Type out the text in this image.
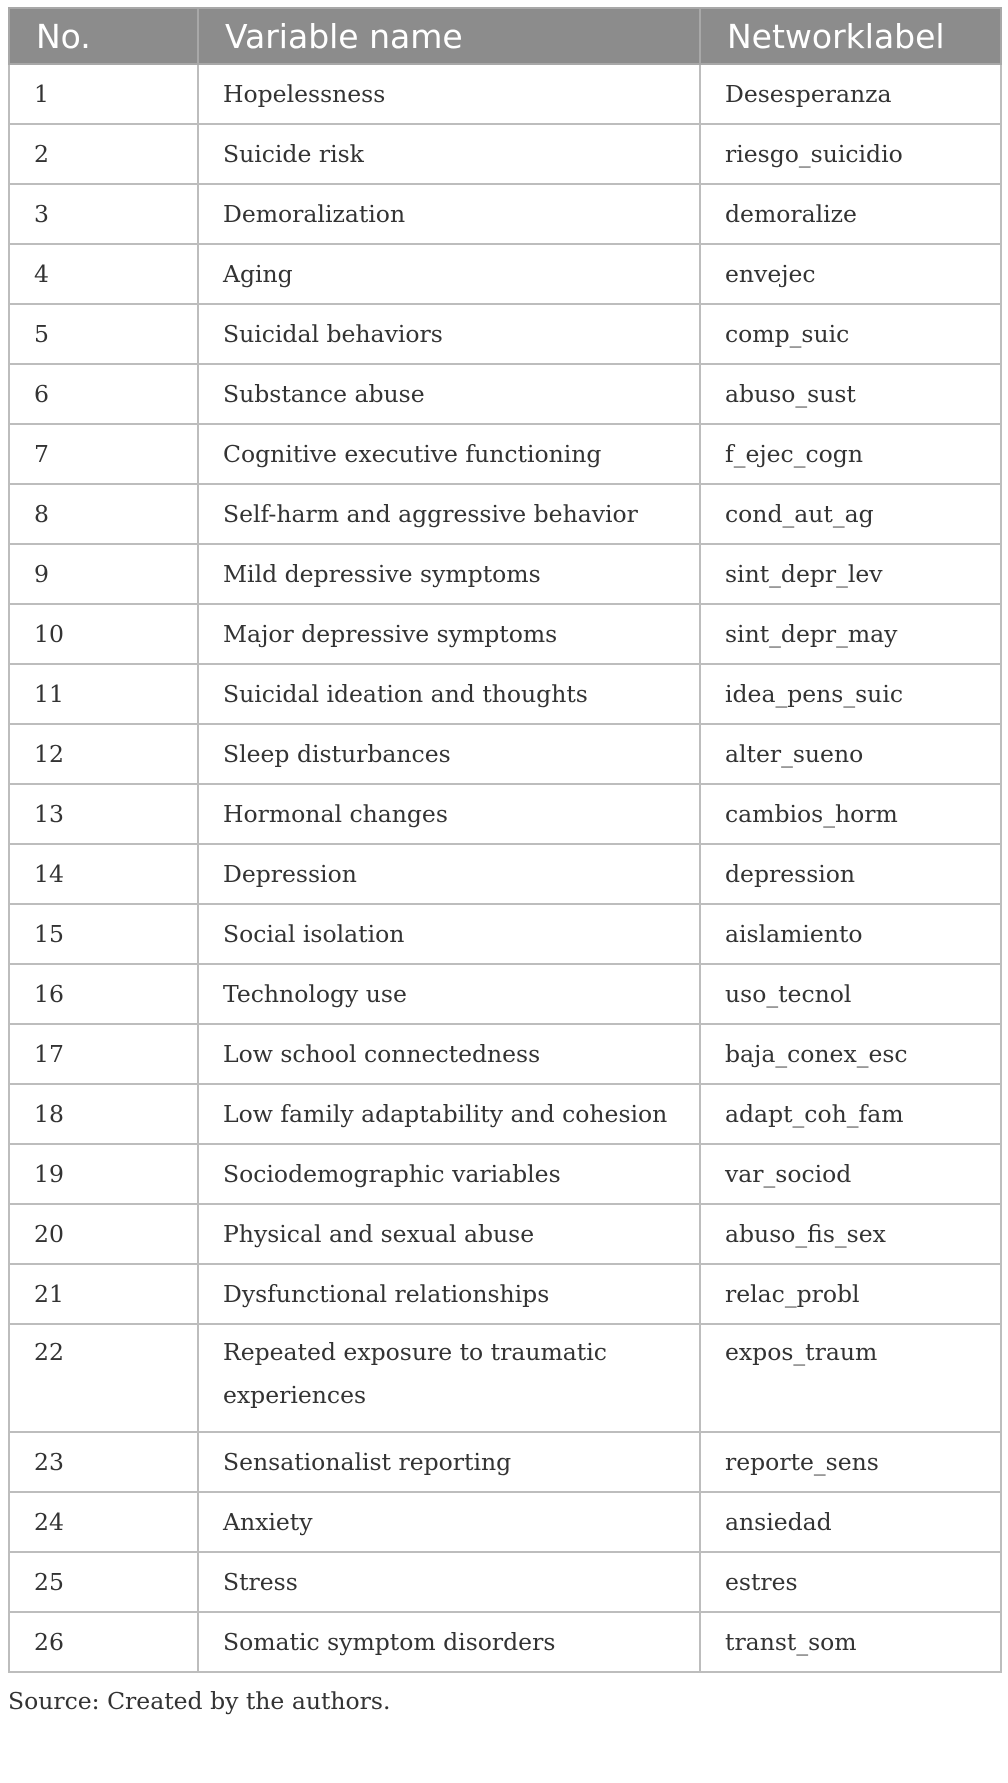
No.	Variable name	Networklabel
1	Hopelessness	Desesperanza
2	Suicide risk	riesgo_suicidio
3	Demoralization	demoralize
4	Aging	envejec
5	Suicidal behaviors	comp_suic
6	Substance abuse	abuso_sust
7	Cognitive executive functioning	f_ejec_cogn
8	Self-harm and aggressive behavior	cond_aut_ag
9	Mild depressive symptoms	sint_depr_lev
10	Major depressive symptoms	sint_depr_may
11	Suicidal ideation and thoughts	idea_pens_suic
12	Sleep disturbances	alter_sueno
13	Hormonal changes	cambios_horm
14	Depression	depression
15	Social isolation	aislamiento
16	Technology use	uso_tecnol
17	Low school connectedness	baja_conex_esc
18	Low family adaptability and cohesion	adapt_coh_fam
19	Sociodemographic variables	var_sociod
20	Physical and sexual abuse	abuso_fis_sex
21	Dysfunctional relationships	relac_probl
22	Repeated exposure to traumatic experiences	expos_traum
23	Sensationalist reporting	reporte_sens
24	Anxiety	ansiedad
25	Stress	estres
26	Somatic symptom disorders	transt_som
Source: Created by the authors.
